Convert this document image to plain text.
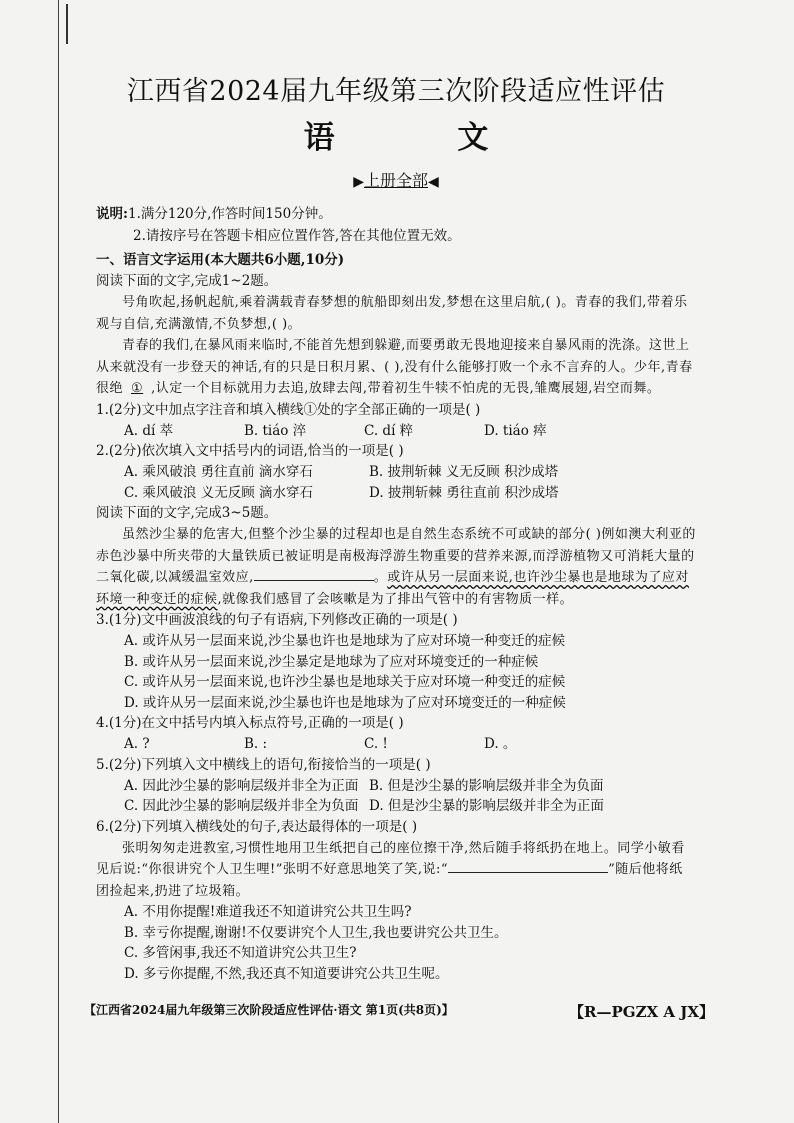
江西省2024届九年级第三次阶段适应性评估
语 文
▶上册全部◀
说明:1.满分120分,作答时间150分钟。
2.请按序号在答题卡相应位置作答,答在其他位置无效。
一、语言文字运用(本大题共6小题,10分)
阅读下面的文字,完成1~2题。

号角吹起,扬帆起航,乘着满载青春梦想的航船即刻出发,梦想在这里启航,( )。青春的我们,带着乐观与自信,充满激情,不负梦想,( )。

青春的我们,在暴风雨来临时,不能首先想到躲避,而要勇敢无畏地迎接来自暴风雨的洗涤。这世上从来就没有一步登天的神话,有的只是日积月累、( ),没有什么能够打败一个永不言弃的人。少年,青春很绝 ① ,认定一个目标就用力去追,放肆去闯,带着初生牛犊不怕虎的无畏,雏鹰展翅,岩空而舞。

1.(2分)文中加点字注音和填入横线①处的字全部正确的一项是( )
A. dí 萃	B. tiáo 淬	C. dí 粹	D. tiáo 瘁
2.(2分)依次填入文中括号内的词语,恰当的一项是( )
A. 乘风破浪 勇往直前 滴水穿石	B. 披荆斩棘 义无反顾 积沙成塔
C. 乘风破浪 义无反顾 滴水穿石	D. 披荆斩棘 勇往直前 积沙成塔
阅读下面的文字,完成3~5题。

虽然沙尘暴的危害大,但整个沙尘暴的过程却也是自然生态系统不可或缺的部分( )例如澳大利亚的赤色沙暴中所夹带的大量铁质已被证明是南极海浮游生物重要的营养来源,而浮游植物又可消耗大量的二氧化碳,以减缓温室效应,	。或许从另一层面来说,也许沙尘暴也是地球为了应对环境一种变迁的症候,就像我们感冒了会咳嗽是为了排出气管中的有害物质一样。

3.(1分)文中画波浪线的句子有语病,下列修改正确的一项是( )
A. 或许从另一层面来说,沙尘暴也许也是地球为了应对环境一种变迁的症候
B. 或许从另一层面来说,沙尘暴定是地球为了应对环境变迁的一种症候
C. 或许从另一层面来说,也许沙尘暴也是地球关于应对环境一种变迁的症候
D. 或许从另一层面来说,沙尘暴也许也是地球为了应对环境变迁的一种症候
4.(1分)在文中括号内填入标点符号,正确的一项是( )
A. ?	B. :	C. !	D. 。
5.(2分)下列填入文中横线上的语句,衔接恰当的一项是( )
A. 因此沙尘暴的影响层级并非全为正面 B. 但是沙尘暴的影响层级并非全为负面
C. 因此沙尘暴的影响层级并非全为负面 D. 但是沙尘暴的影响层级并非全为正面
6.(2分)下列填入横线处的句子,表达最得体的一项是( )

张明匆匆走进教室,习惯性地用卫生纸把自己的座位擦干净,然后随手将纸扔在地上。同学小敏看见后说:“你很讲究个人卫生哩!”张明不好意思地笑了笑,说:“	”随后他将纸团捡起来,扔进了垃圾箱。

A. 不用你提醒!难道我还不知道讲究公共卫生吗?
B. 幸亏你提醒,谢谢!不仅要讲究个人卫生,我也要讲究公共卫生。
C. 多管闲事,我还不知道讲究公共卫生?
D. 多亏你提醒,不然,我还真不知道要讲究公共卫生呢。
【江西省2024届九年级第三次阶段适应性评估·语文 第1页(共8页)】	【R—PGZX A JX】
